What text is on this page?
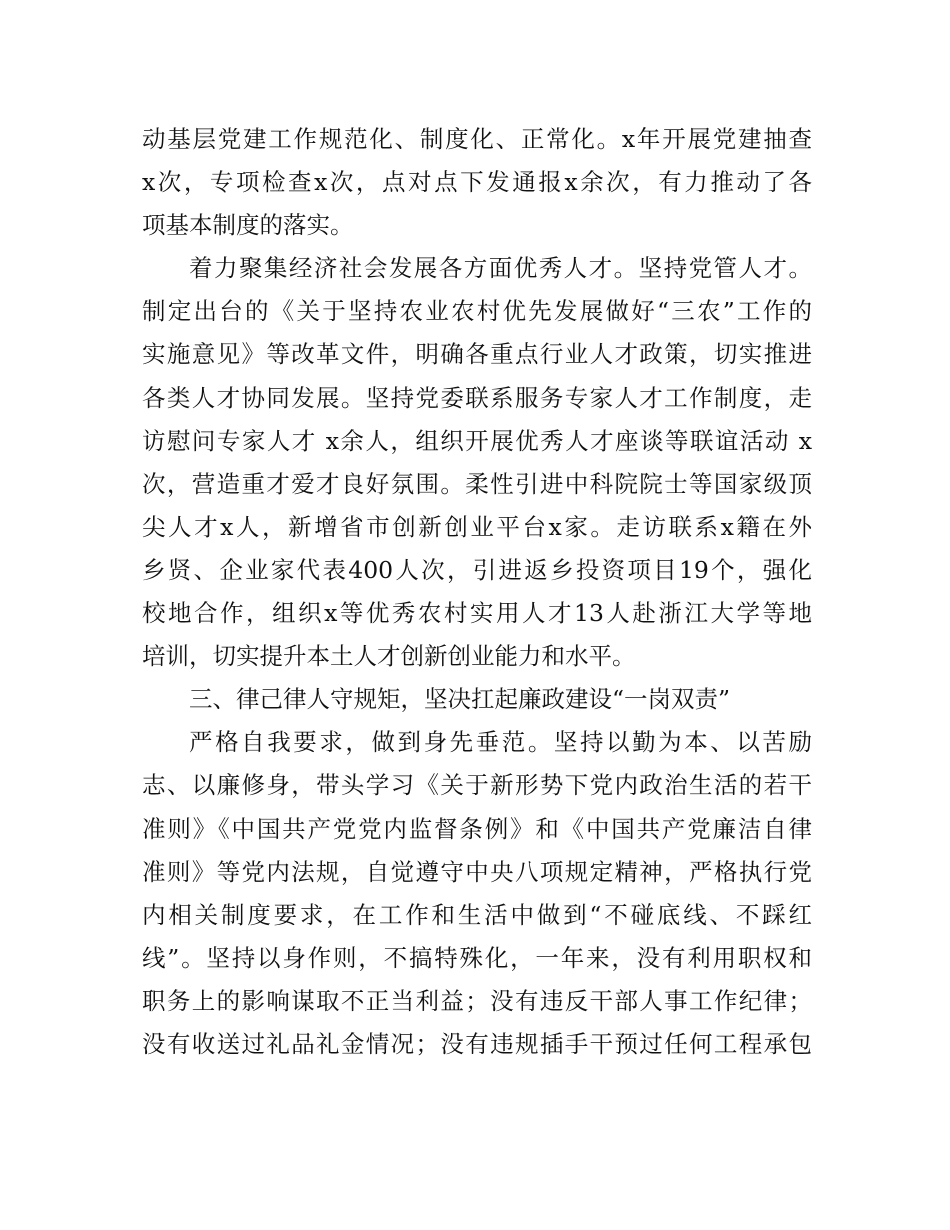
动基层党建工作规范化、制度化、正常化。x年开展党建抽查
x次，专项检查x次，点对点下发通报x余次，有力推动了各
项基本制度的落实。
着力聚集经济社会发展各方面优秀人才。坚持党管人才。
制定出台的《关于坚持农业农村优先发展做好“三农”工作的
实施意见》等改革文件，明确各重点行业人才政策，切实推进
各类人才协同发展。坚持党委联系服务专家人才工作制度，走
访慰问专家人才 x余人，组织开展优秀人才座谈等联谊活动 x
次，营造重才爱才良好氛围。柔性引进中科院院士等国家级顶
尖人才x人，新增省市创新创业平台x家。走访联系x籍在外
乡贤、企业家代表400人次，引进返乡投资项目19个，强化
校地合作，组织x等优秀农村实用人才13人赴浙江大学等地
培训，切实提升本土人才创新创业能力和水平。
三、律己律人守规矩，坚决扛起廉政建设“一岗双责”
严格自我要求，做到身先垂范。坚持以勤为本、以苦励
志、以廉修身，带头学习《关于新形势下党内政治生活的若干
准则》《中国共产党党内监督条例》和《中国共产党廉洁自律
准则》等党内法规，自觉遵守中央八项规定精神，严格执行党
内相关制度要求，在工作和生活中做到“不碰底线、不踩红
线”。坚持以身作则，不搞特殊化，一年来，没有利用职权和
职务上的影响谋取不正当利益；没有违反干部人事工作纪律；
没有收送过礼品礼金情况；没有违规插手干预过任何工程承包
